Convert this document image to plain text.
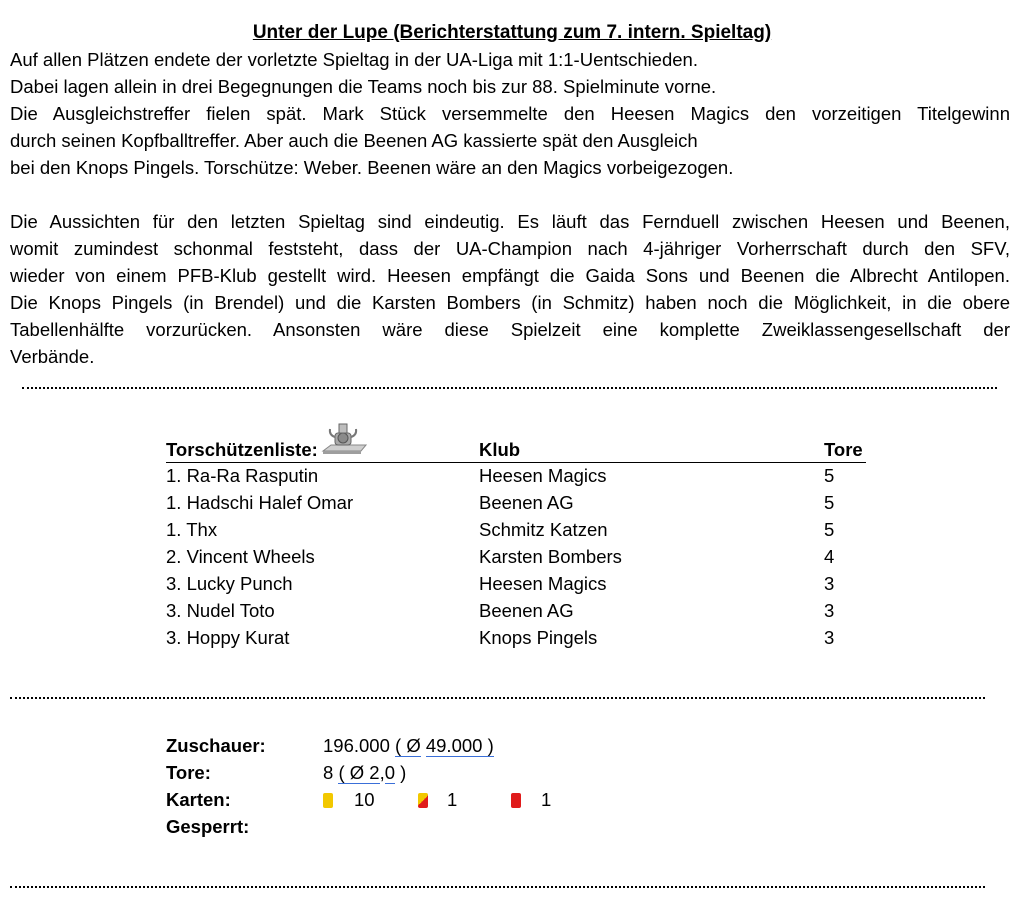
Unter der Lupe (Berichterstattung zum 7. intern. Spieltag)
Auf allen Plätzen endete der vorletzte Spieltag in der UA-Liga mit 1:1-Uentschieden.
Dabei lagen allein in drei Begegnungen die Teams noch bis zur 88. Spielminute vorne.
Die Ausgleichstreffer fielen spät. Mark Stück versemmelte den Heesen Magics den vorzeitigen Titelgewinn
durch seinen Kopfballtreffer. Aber auch die Beenen AG kassierte spät den Ausgleich
bei den Knops Pingels. Torschütze: Weber. Beenen wäre an den Magics vorbeigezogen.
Die Aussichten für den letzten Spieltag sind eindeutig. Es läuft das Fernduell zwischen Heesen und Beenen,
womit zumindest schonmal feststeht, dass der UA-Champion nach 4-jähriger Vorherrschaft durch den SFV,
wieder von einem PFB-Klub gestellt wird. Heesen empfängt die Gaida Sons und Beenen die Albrecht Antilopen.
Die Knops Pingels (in Brendel) und die Karsten Bombers (in Schmitz) haben noch die Möglichkeit, in die obere
Tabellenhälfte vorzurücken. Ansonsten wäre diese Spielzeit eine komplette Zweiklassengesellschaft der
Verbände.
Torschützenliste:	Klub	Tore
1. Ra-Ra Rasputin	Heesen Magics	5
1. Hadschi Halef Omar	Beenen AG	5
1. Thx	Schmitz Katzen	5
2. Vincent Wheels	Karsten Bombers	4
3. Lucky Punch	Heesen Magics	3
3. Nudel Toto	Beenen AG	3
3. Hoppy Kurat	Knops Pingels	3
Zuschauer:	196.000 ( Ø 49.000 )
Tore:	8 ( Ø 2,0 )
Karten:	10	1	1
Gesperrt:
